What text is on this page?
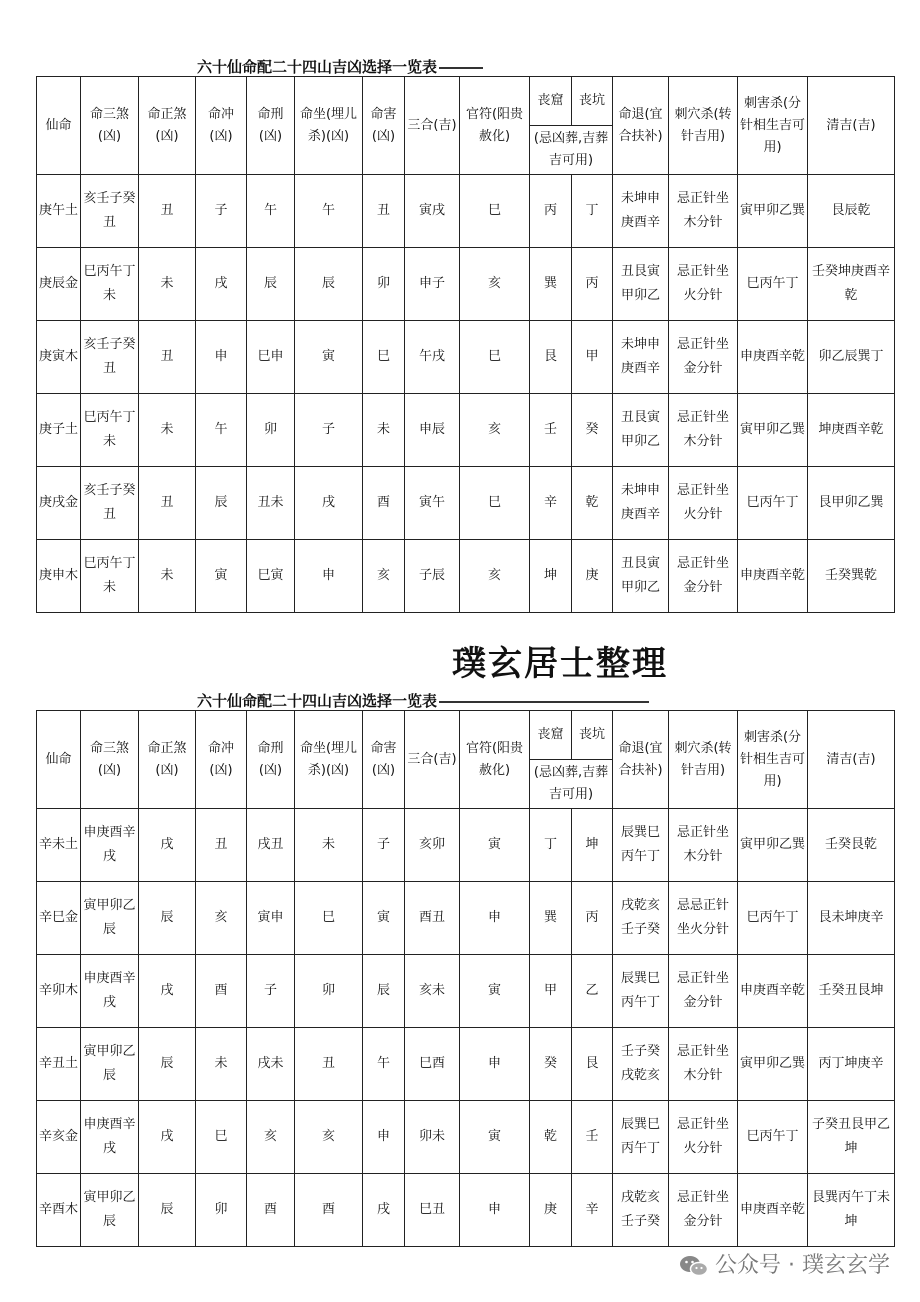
六十仙命配二十四山吉凶选择一览表
仙命	命三煞(凶)	命正煞(凶)	命冲(凶)	命刑(凶)	命坐(埋儿杀)(凶)	命害(凶)	三合(吉)	官符(阳贵赦化)	丧窟	丧坑	命退(宜合扶补)	刺穴杀(转针吉用)	刺害杀(分针相生吉可用)	清吉(吉)
									(忌凶葬,吉葬吉可用)					
庚午土	亥壬子癸丑	丑	子	午	午	丑	寅戌	巳	丙	丁	未坤申庚酉辛	忌正针坐木分针	寅甲卯乙巽	艮辰乾
庚辰金	巳丙午丁未	未	戌	辰	辰	卯	申子	亥	巽	丙	丑艮寅甲卯乙	忌正针坐火分针	巳丙午丁	壬癸坤庚酉辛乾
庚寅木	亥壬子癸丑	丑	申	巳申	寅	巳	午戌	巳	艮	甲	未坤申庚酉辛	忌正针坐金分针	申庚酉辛乾	卯乙辰巽丁
庚子土	巳丙午丁未	未	午	卯	子	未	申辰	亥	壬	癸	丑艮寅甲卯乙	忌正针坐木分针	寅甲卯乙巽	坤庚酉辛乾
庚戌金	亥壬子癸丑	丑	辰	丑未	戌	酉	寅午	巳	辛	乾	未坤申庚酉辛	忌正针坐火分针	巳丙午丁	艮甲卯乙巽
庚申木	巳丙午丁未	未	寅	巳寅	申	亥	子辰	亥	坤	庚	丑艮寅甲卯乙	忌正针坐金分针	申庚酉辛乾	壬癸巽乾
璞玄居士整理
六十仙命配二十四山吉凶选择一览表
仙命	命三煞(凶)	命正煞(凶)	命冲(凶)	命刑(凶)	命坐(埋儿杀)(凶)	命害(凶)	三合(吉)	官符(阳贵赦化)	丧窟	丧坑	命退(宜合扶补)	刺穴杀(转针吉用)	刺害杀(分针相生吉可用)	清吉(吉)
									(忌凶葬,吉葬吉可用)					
辛未土	申庚酉辛戌	戌	丑	戌丑	未	子	亥卯	寅	丁	坤	辰巽巳丙午丁	忌正针坐木分针	寅甲卯乙巽	壬癸艮乾
辛巳金	寅甲卯乙辰	辰	亥	寅申	巳	寅	酉丑	申	巽	丙	戌乾亥壬子癸	忌忌正针坐火分针	巳丙午丁	艮未坤庚辛
辛卯木	申庚酉辛戌	戌	酉	子	卯	辰	亥未	寅	甲	乙	辰巽巳丙午丁	忌正针坐金分针	申庚酉辛乾	壬癸丑艮坤
辛丑土	寅甲卯乙辰	辰	未	戌未	丑	午	巳酉	申	癸	艮	壬子癸戌乾亥	忌正针坐木分针	寅甲卯乙巽	丙丁坤庚辛
辛亥金	申庚酉辛戌	戌	巳	亥	亥	申	卯未	寅	乾	壬	辰巽巳丙午丁	忌正针坐火分针	巳丙午丁	子癸丑艮甲乙坤
辛酉木	寅甲卯乙辰	辰	卯	酉	酉	戌	巳丑	申	庚	辛	戌乾亥壬子癸	忌正针坐金分针	申庚酉辛乾	艮巽丙午丁未坤
公众号 · 璞玄玄学
